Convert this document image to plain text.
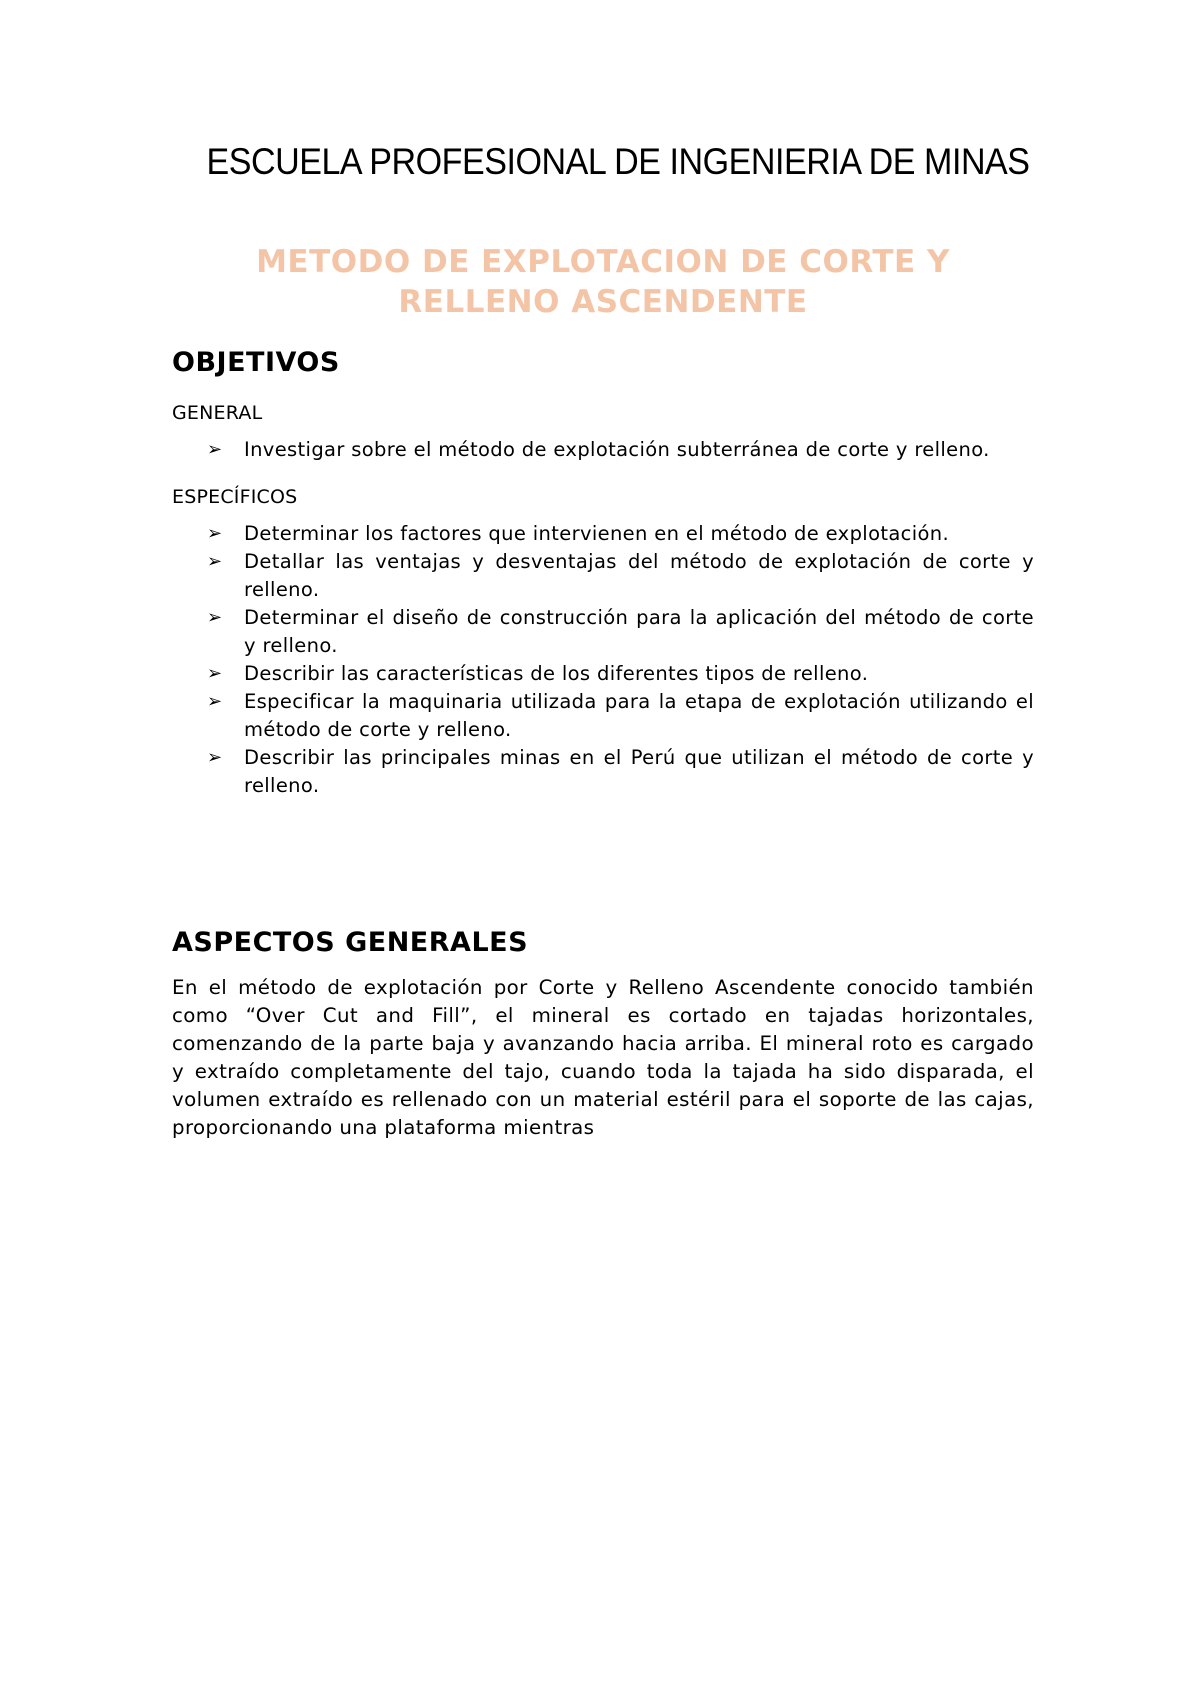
ESCUELA PROFESIONAL DE INGENIERIA DE MINAS

METODO DE EXPLOTACION DE CORTE Y RELLENO ASCENDENTE

OBJETIVOS

GENERAL

➢ Investigar sobre el método de explotación subterránea de corte y relleno.

ESPECÍFICOS

➢ Determinar los factores que intervienen en el método de explotación.
➢ Detallar las ventajas y desventajas del método de explotación de corte y relleno.
➢ Determinar el diseño de construcción para la aplicación del método de corte y relleno.
➢ Describir las características de los diferentes tipos de relleno.
➢ Especificar la maquinaria utilizada para la etapa de explotación utilizando el método de corte y relleno.
➢ Describir las principales minas en el Perú que utilizan el método de corte y relleno.
ASPECTOS GENERALES

En el método de explotación por Corte y Relleno Ascendente conocido también como “Over Cut and Fill”, el mineral es cortado en tajadas horizontales, comenzando de la parte baja y avanzando hacia arriba. El mineral roto es cargado y extraído completamente del tajo, cuando toda la tajada ha sido disparada, el volumen extraído es rellenado con un material estéril para el soporte de las cajas, proporcionando una plataforma mientras
